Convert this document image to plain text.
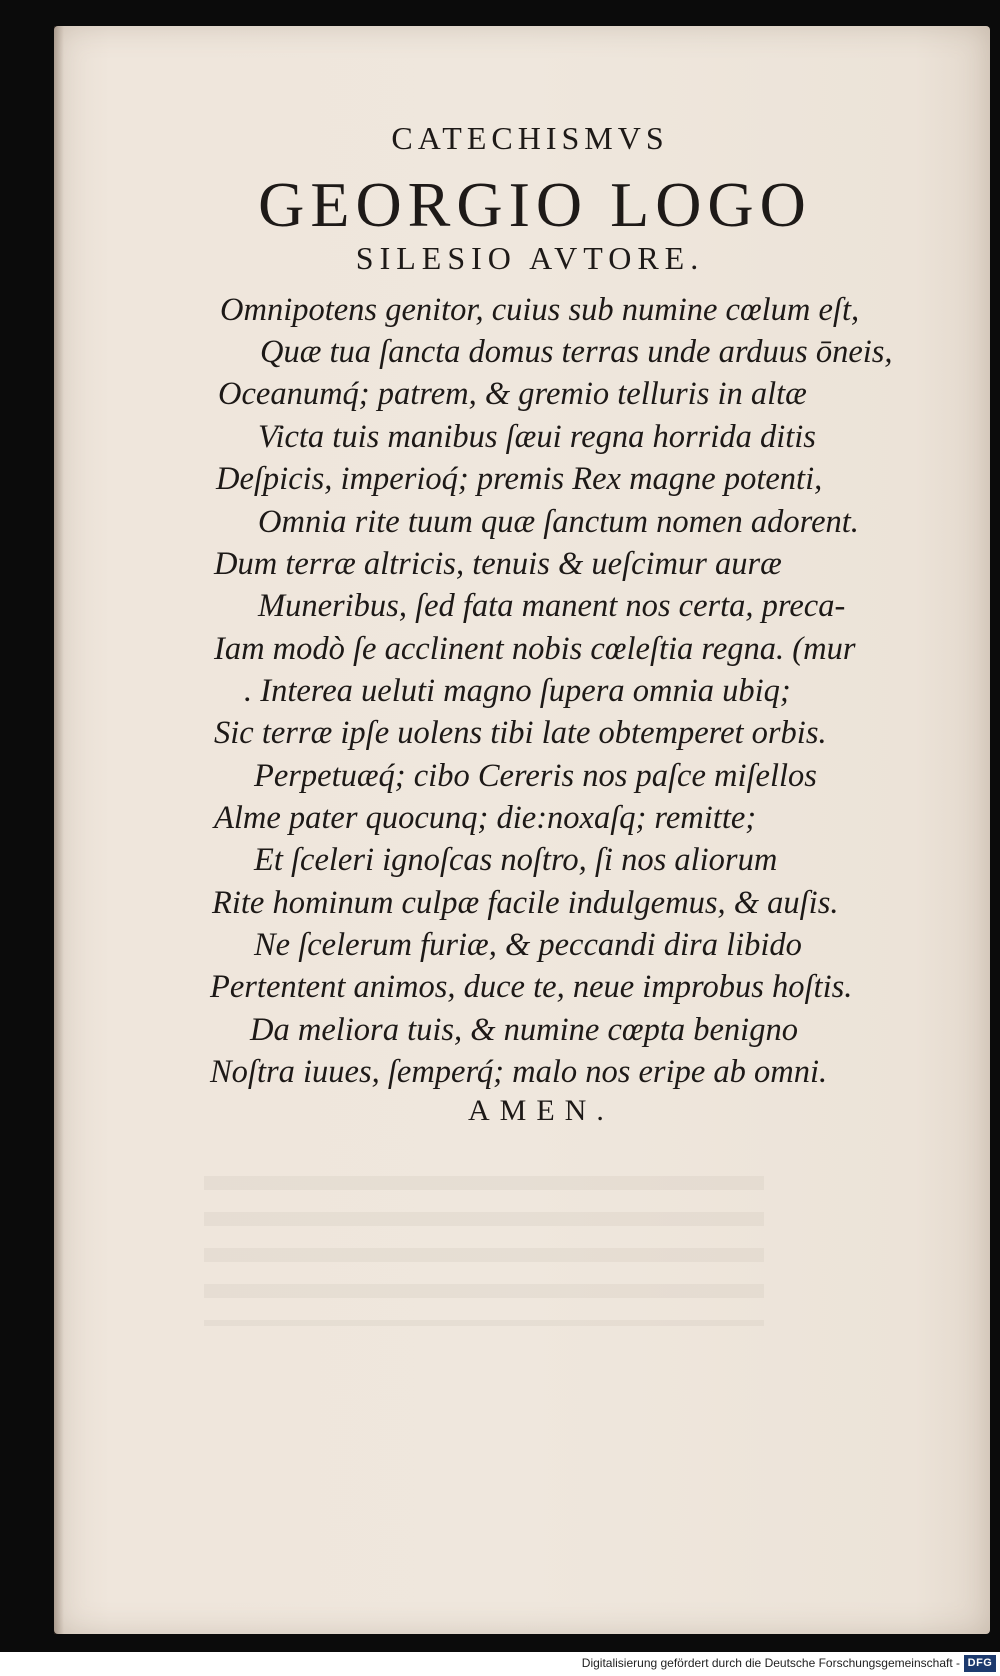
CATECHISMVS
GEORGIO LOGO
SILESIO AVTORE.
Omnipotens genitor, cuius sub numine cœlum eſt,
Quæ tua ſancta domus terras unde arduus ōneis,
Oceanumq́; patrem, & gremio telluris in altæ
Victa tuis manibus ſæui regna horrida ditis
Deſpicis, imperioq́; premis Rex magne potenti,
Omnia rite tuum quæ ſanctum nomen adorent.
Dum terræ altricis, tenuis & ueſcimur auræ
Muneribus, ſed fata manent nos certa, preca-
Iam modò ſe acclinent nobis cœleſtia regna. (mur
. Interea ueluti magno ſupera omnia ubiq;
Sic terræ ipſe uolens tibi late obtemperet orbis.
Perpetuæq́; cibo Cereris nos paſce miſellos
Alme pater quocunq; die:noxaſq; remitte;
Et ſceleri ignoſcas noſtro, ſi nos aliorum
Rite hominum culpæ facile indulgemus, & auſis.
Ne ſcelerum furiæ, & peccandi dira libido
Pertentent animos, duce te, neue improbus hoſtis.
Da meliora tuis, & numine cœpta benigno
Noſtra iuues, ſemperq́; malo nos eripe ab omni.
AMEN.
Digitalisierung gefördert durch die Deutsche Forschungsgemeinschaft - DFG
